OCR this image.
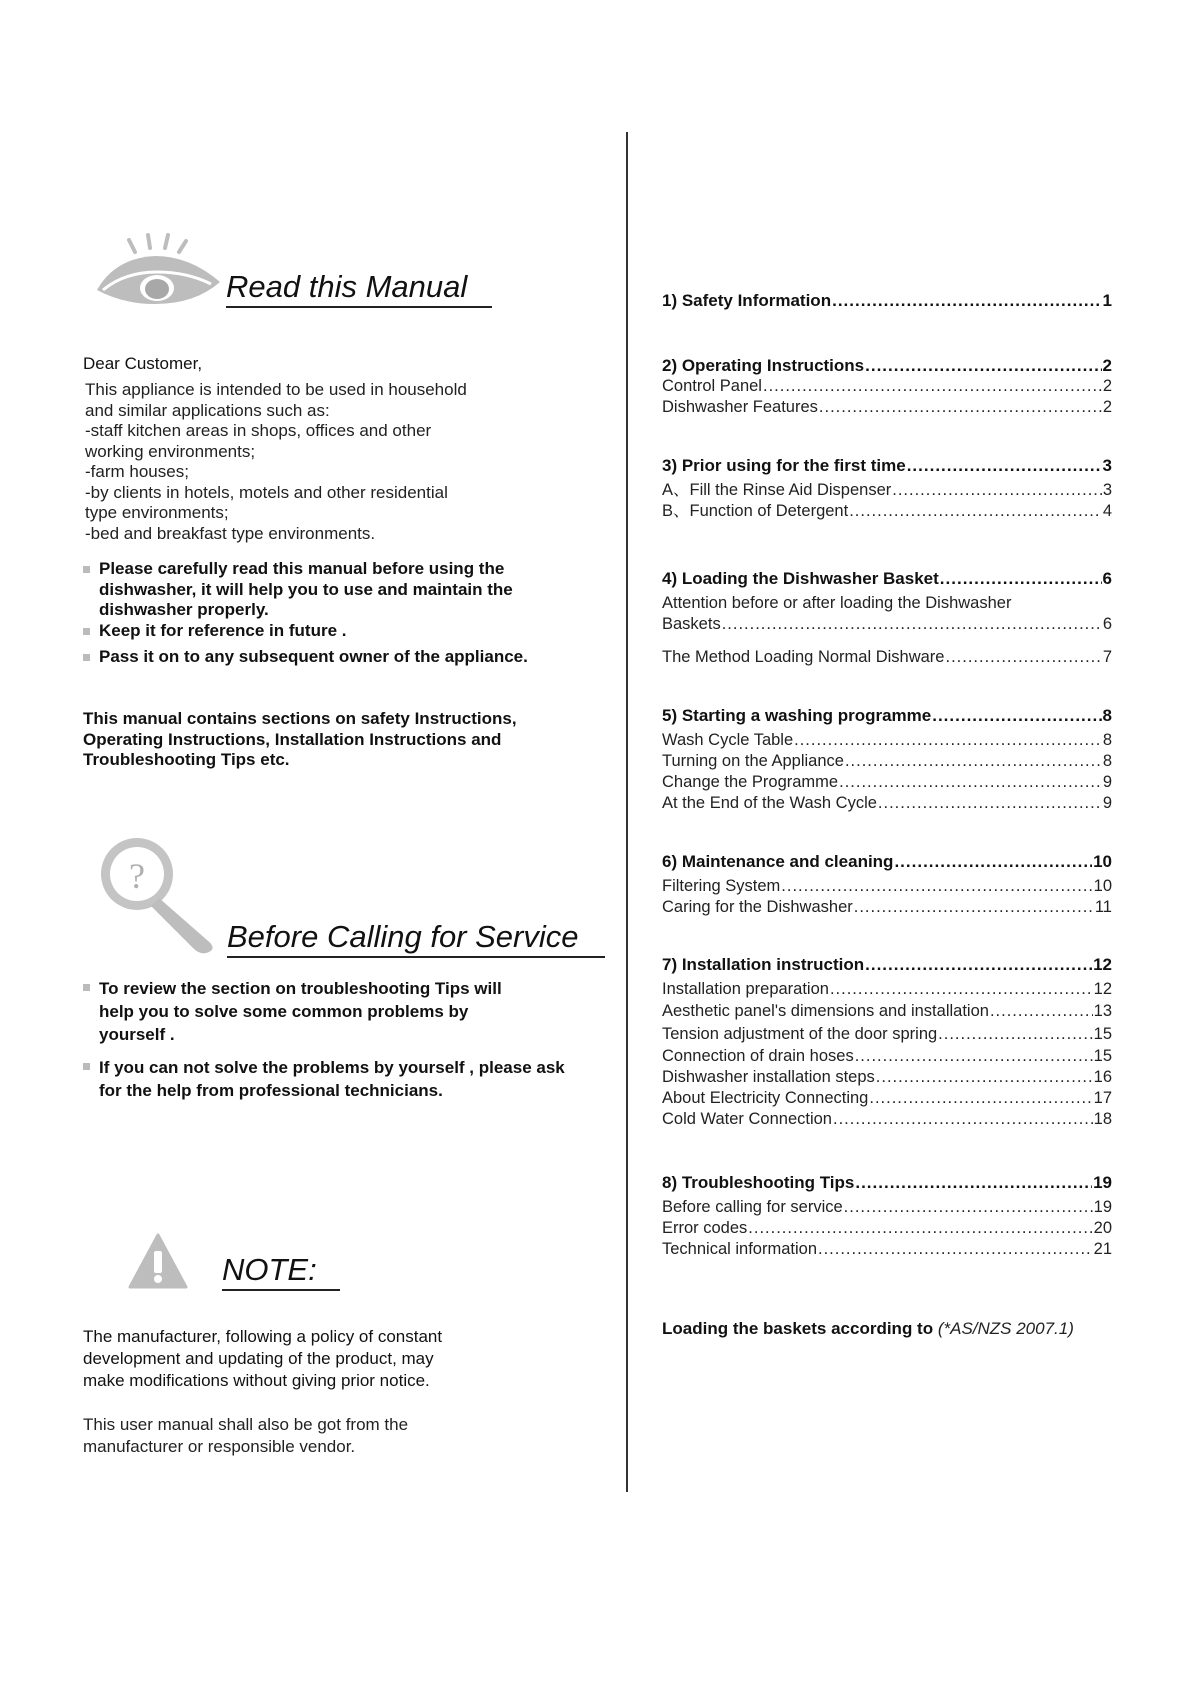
Read this Manual
Dear Customer,
This appliance is intended to be used in household
and similar applications such as:
-staff kitchen areas in shops, offices and other
working environments;
-farm houses;
-by clients in hotels, motels and other residential
type environments;
-bed and breakfast type environments.
Please carefully read this manual before using the dishwasher, it will help you to use and maintain the dishwasher properly.
Keep it for reference in future .
Pass it on to any subsequent owner of the appliance.
This manual contains sections on safety Instructions,
Operating Instructions, Installation Instructions and
Troubleshooting Tips etc.
?
Before Calling for Service
To review the section on troubleshooting Tips will help you to solve some common problems by yourself .
If you can not solve the problems by yourself , please ask for the help from professional technicians.
NOTE:
The manufacturer, following a policy of constant
development and updating of the product, may
make modifications without giving prior notice.
This user manual shall also be got from the
manufacturer or responsible vendor.
1) Safety Information .....	1
2) Operating Instructions .....	2
Control Panel .....	2
Dishwasher Features .....	2
3) Prior using for the first time .....	3
A、Fill the Rinse Aid Dispenser .....	3
B、Function of Detergent .....	4
4) Loading the Dishwasher Basket .....	6
Attention before or after loading the Dishwasher
Baskets .....	6
The Method Loading Normal Dishware .....	7
5) Starting a washing programme .....	8
Wash Cycle Table .....	8
Turning on the Appliance .....	8
Change the Programme .....	9
At the End of the Wash Cycle .....	9
6) Maintenance and cleaning .....	10
Filtering System .....	10
Caring for the Dishwasher .....	11
7) Installation instruction .....	12
Installation preparation .....	12
Aesthetic panel's dimensions and installation .....	13
Tension adjustment of the door spring .....	15
Connection of drain hoses .....	15
Dishwasher installation steps .....	16
About Electricity Connecting .....	17
Cold Water Connection .....	18
8) Troubleshooting Tips .....	19
Before calling for service .....	19
Error codes .....	20
Technical information .....	21
Loading the baskets according to (*AS/NZS 2007.1)
